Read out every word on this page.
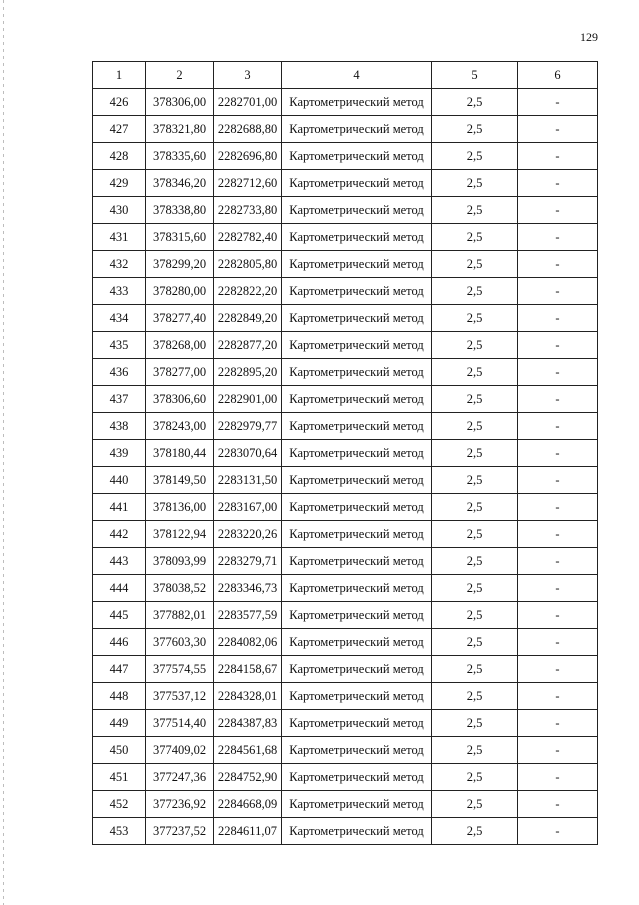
129
1	2	3	4	5	6
426	378306,00	2282701,00	Картометрический метод	2,5	-
427	378321,80	2282688,80	Картометрический метод	2,5	-
428	378335,60	2282696,80	Картометрический метод	2,5	-
429	378346,20	2282712,60	Картометрический метод	2,5	-
430	378338,80	2282733,80	Картометрический метод	2,5	-
431	378315,60	2282782,40	Картометрический метод	2,5	-
432	378299,20	2282805,80	Картометрический метод	2,5	-
433	378280,00	2282822,20	Картометрический метод	2,5	-
434	378277,40	2282849,20	Картометрический метод	2,5	-
435	378268,00	2282877,20	Картометрический метод	2,5	-
436	378277,00	2282895,20	Картометрический метод	2,5	-
437	378306,60	2282901,00	Картометрический метод	2,5	-
438	378243,00	2282979,77	Картометрический метод	2,5	-
439	378180,44	2283070,64	Картометрический метод	2,5	-
440	378149,50	2283131,50	Картометрический метод	2,5	-
441	378136,00	2283167,00	Картометрический метод	2,5	-
442	378122,94	2283220,26	Картометрический метод	2,5	-
443	378093,99	2283279,71	Картометрический метод	2,5	-
444	378038,52	2283346,73	Картометрический метод	2,5	-
445	377882,01	2283577,59	Картометрический метод	2,5	-
446	377603,30	2284082,06	Картометрический метод	2,5	-
447	377574,55	2284158,67	Картометрический метод	2,5	-
448	377537,12	2284328,01	Картометрический метод	2,5	-
449	377514,40	2284387,83	Картометрический метод	2,5	-
450	377409,02	2284561,68	Картометрический метод	2,5	-
451	377247,36	2284752,90	Картометрический метод	2,5	-
452	377236,92	2284668,09	Картометрический метод	2,5	-
453	377237,52	2284611,07	Картометрический метод	2,5	-
